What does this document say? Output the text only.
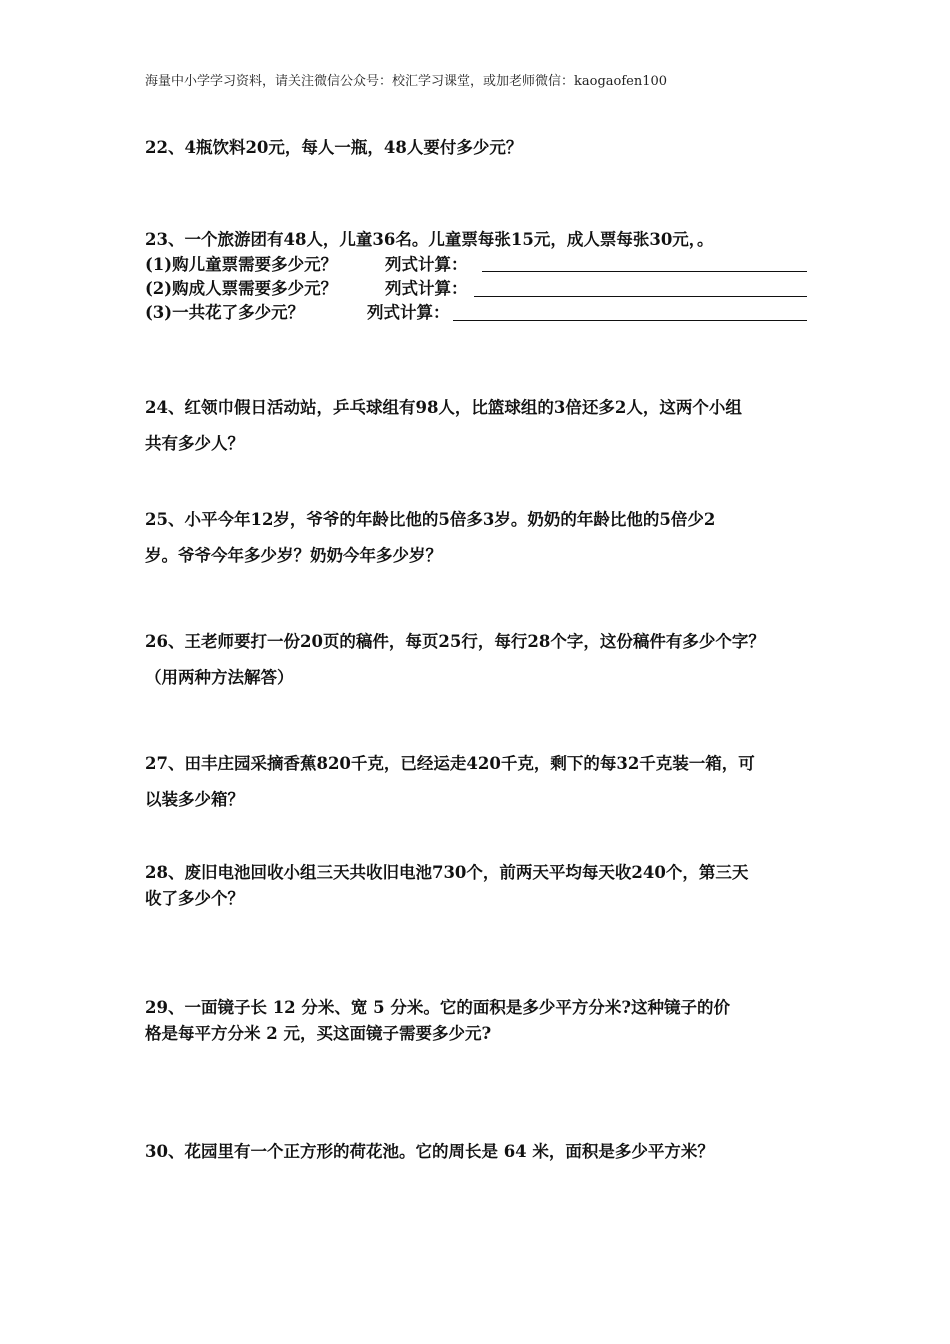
海量中小学学习资料，请关注微信公众号：校汇学习课堂，或加老师微信：kaogaofen100
22、4瓶饮料20元，每人一瓶，48人要付多少元？
23、一个旅游团有48人，儿童36名。儿童票每张15元，成人票每张30元，。
(1)购儿童票需要多少元？	列式计算：
(2)购成人票需要多少元？	列式计算：
(3)一共花了多少元？	列式计算：
24、红领巾假日活动站，乒乓球组有98人，比篮球组的3倍还多2人，这两个小组
共有多少人？
25、小平今年12岁，爷爷的年龄比他的5倍多3岁。奶奶的年龄比他的5倍少2
岁。爷爷今年多少岁？奶奶今年多少岁？
26、王老师要打一份20页的稿件，每页25行，每行28个字，这份稿件有多少个字？
（用两种方法解答）
27、田丰庄园采摘香蕉820千克，已经运走420千克，剩下的每32千克装一箱，可
以装多少箱？
28、废旧电池回收小组三天共收旧电池730个，前两天平均每天收240个，第三天
收了多少个？
29、一面镜子长 12 分米、宽 5 分米。它的面积是多少平方分米?这种镜子的价
格是每平方分米 2 元，买这面镜子需要多少元?
30、花园里有一个正方形的荷花池。它的周长是 64 米，面积是多少平方米？
